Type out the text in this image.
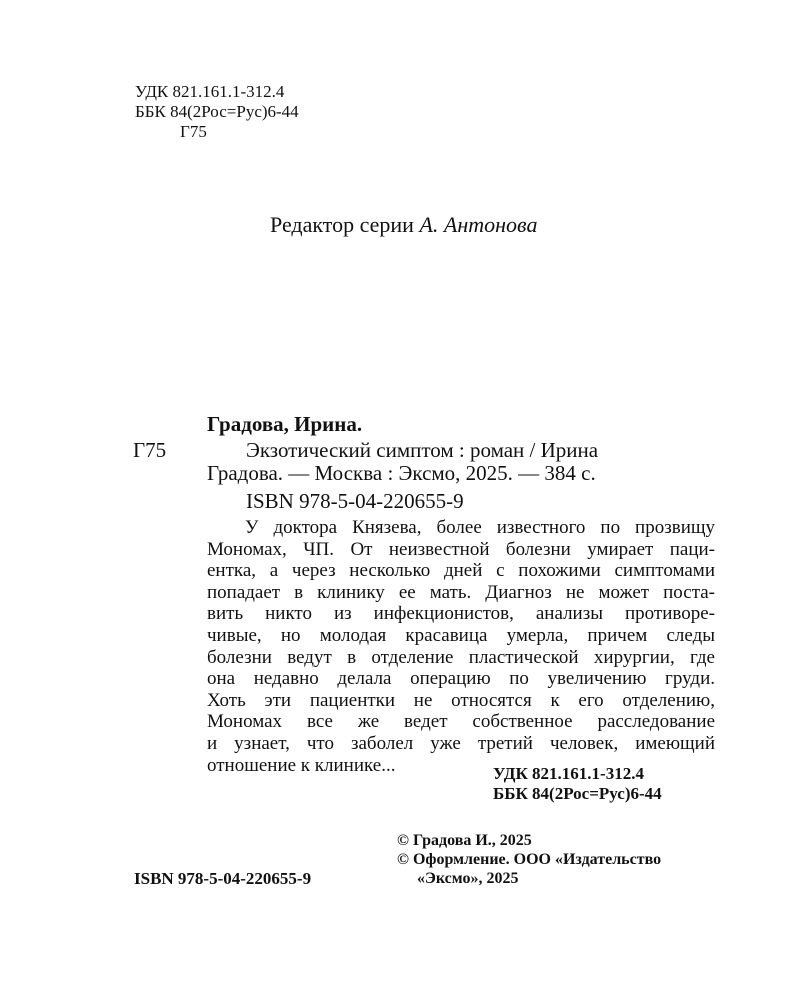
УДК 821.161.1-312.4
ББК 84(2Рос=Рус)6-44
Г75
Редактор серии А. Антонова
Градова, Ирина.
Г75	Экзотический симптом : роман / Ирина
Градова. — Москва : Эксмо, 2025. — 384 с.
ISBN 978-5-04-220655-9
У доктора Князева, более известного по прозвищу
Мономах, ЧП. От неизвестной болезни умирает паци-
ентка, а через несколько дней с похожими симптомами
попадает в клинику ее мать. Диагноз не может поста-
вить никто из инфекционистов, анализы противоре-
чивые, но молодая красавица умерла, причем следы
болезни ведут в отделение пластической хирургии, где
она недавно делала операцию по увеличению груди.
Хоть эти пациентки не относятся к его отделению,
Мономах все же ведет собственное расследование
и узнает, что заболел уже третий человек, имеющий
отношение к клинике...	УДК 821.161.1-312.4
ББК 84(2Рос=Рус)6-44
© Градова И., 2025
© Оформление. ООО «Издательство
«Эксмо», 2025
ISBN 978-5-04-220655-9
